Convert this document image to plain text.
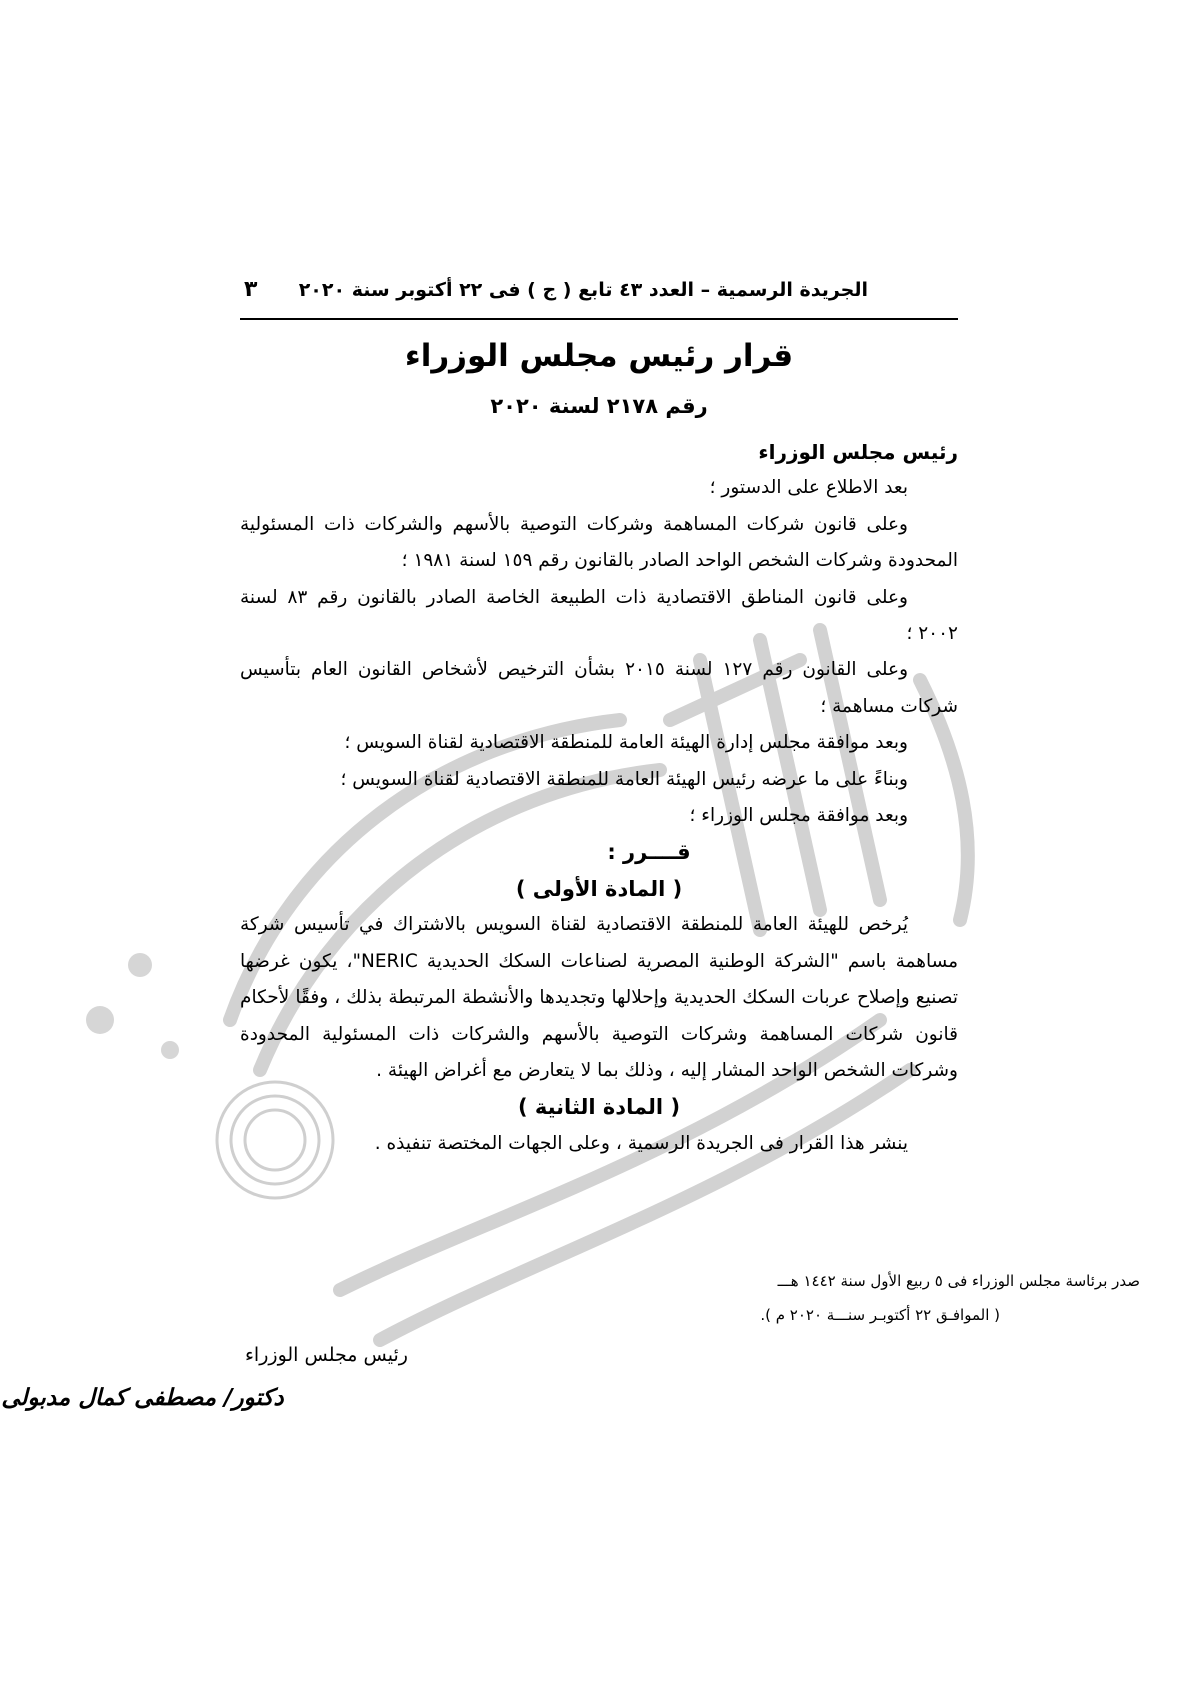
الجريدة الرسمية – العدد ٤٣ تابع ( ج ) فى ٢٢ أكتوبر سنة ٢٠٢٠
٣
قرار رئيس مجلس الوزراء
رقم ٢١٧٨ لسنة ٢٠٢٠

رئيس مجلس الوزراء

بعد الاطلاع على الدستور ؛

وعلى قانون شركات المساهمة وشركات التوصية بالأسهم والشركات ذات المسئولية المحدودة وشركات الشخص الواحد الصادر بالقانون رقم ١٥٩ لسنة ١٩٨١ ؛

وعلى قانون المناطق الاقتصادية ذات الطبيعة الخاصة الصادر بالقانون رقم ٨٣ لسنة ٢٠٠٢ ؛

وعلى القانون رقم ١٢٧ لسنة ٢٠١٥ بشأن الترخيص لأشخاص القانون العام بتأسيس شركات مساهمة ؛

وبعد موافقة مجلس إدارة الهيئة العامة للمنطقة الاقتصادية لقناة السويس ؛

وبناءً على ما عرضه رئيس الهيئة العامة للمنطقة الاقتصادية لقناة السويس ؛

وبعد موافقة مجلس الوزراء ؛

قــــرر :

( المادة الأولى )

يُرخص للهيئة العامة للمنطقة الاقتصادية لقناة السويس بالاشتراك في تأسيس شركة مساهمة باسم "الشركة الوطنية المصرية لصناعات السكك الحديدية NERIC"، يكون غرضها تصنيع وإصلاح عربات السكك الحديدية وإحلالها وتجديدها والأنشطة المرتبطة بذلك ، وفقًا لأحكام قانون شركات المساهمة وشركات التوصية بالأسهم والشركات ذات المسئولية المحدودة وشركات الشخص الواحد المشار إليه ، وذلك بما لا يتعارض مع أغراض الهيئة .

( المادة الثانية )

ينشر هذا القرار فى الجريدة الرسمية ، وعلى الجهات المختصة تنفيذه .

صدر برئاسة مجلس الوزراء فى ٥ ربيع الأول سنة ١٤٤٢ هـــ
( الموافـق ٢٢ أكتوبـر سنـــة ٢٠٢٠ م ).
رئيس مجلس الوزراء
دكتور/ مصطفى كمال مدبولى
